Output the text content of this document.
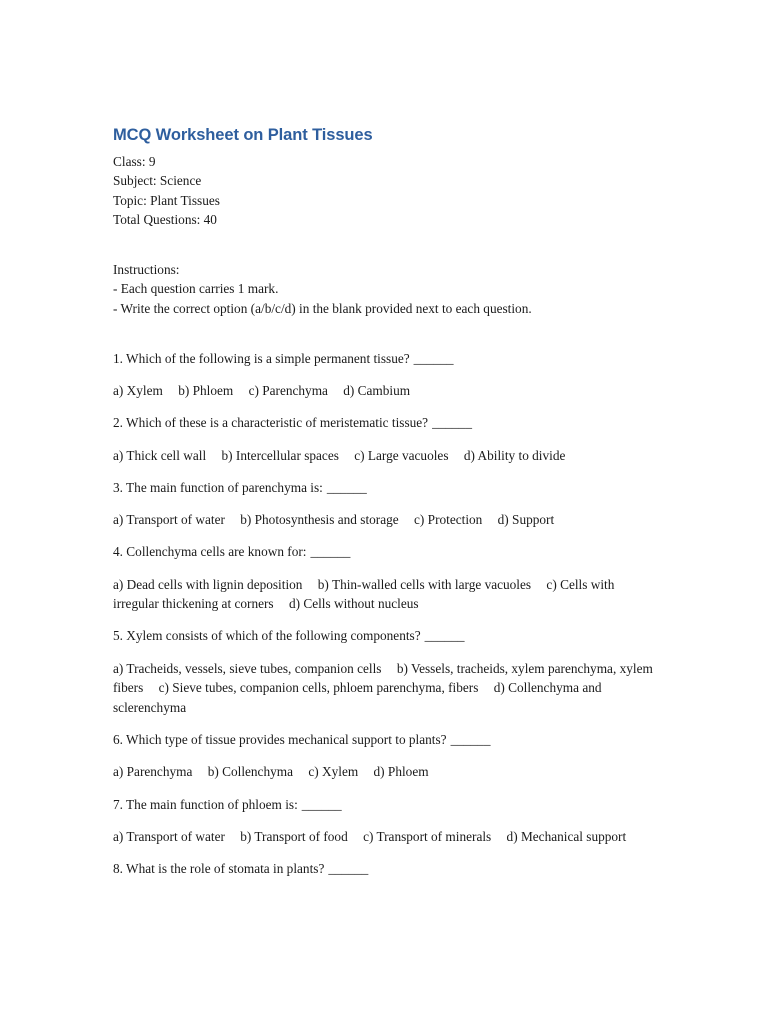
MCQ Worksheet on Plant Tissues

Class: 9

Subject: Science

Topic: Plant Tissues

Total Questions: 40

Instructions:

- Each question carries 1 mark.

- Write the correct option (a/b/c/d) in the blank provided next to each question.

1. Which of the following is a simple permanent tissue? ______

a) Xylem b) Phloem c) Parenchyma d) Cambium

2. Which of these is a characteristic of meristematic tissue? ______

a) Thick cell wall b) Intercellular spaces c) Large vacuoles d) Ability to divide

3. The main function of parenchyma is: ______

a) Transport of water b) Photosynthesis and storage c) Protection d) Support

4. Collenchyma cells are known for: ______

a) Dead cells with lignin deposition b) Thin-walled cells with large vacuoles c) Cells with irregular thickening at corners d) Cells without nucleus

5. Xylem consists of which of the following components? ______

a) Tracheids, vessels, sieve tubes, companion cells b) Vessels, tracheids, xylem parenchyma, xylem fibers c) Sieve tubes, companion cells, phloem parenchyma, fibers d) Collenchyma and sclerenchyma

6. Which type of tissue provides mechanical support to plants? ______

a) Parenchyma b) Collenchyma c) Xylem d) Phloem

7. The main function of phloem is: ______

a) Transport of water b) Transport of food c) Transport of minerals d) Mechanical support

8. What is the role of stomata in plants? ______
